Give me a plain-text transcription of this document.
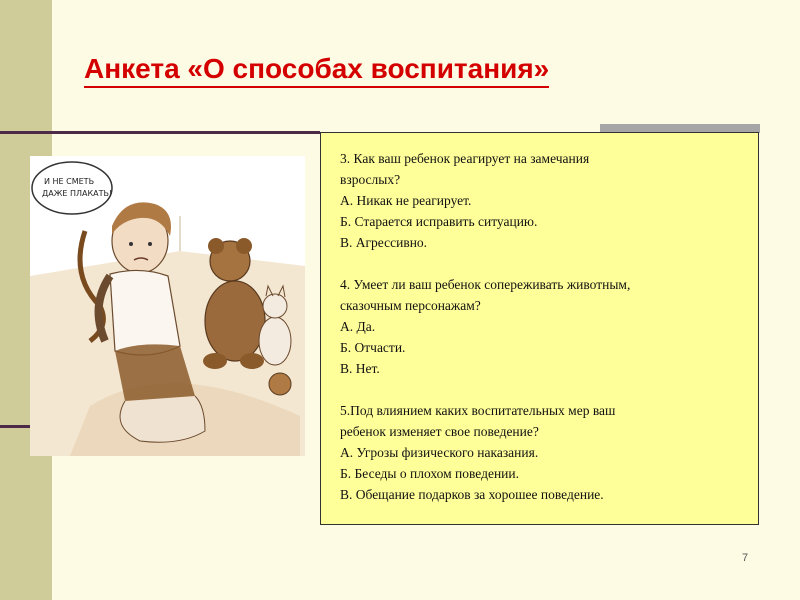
Анкета «О способах воспитания»
И НЕ СМЕТЬ
ДАЖЕ ПЛАКАТЬ!
3. Как ваш ребенок реагирует на замечания
взрослых?
А. Никак не реагирует.
Б. Старается исправить ситуацию.
В. Агрессивно.
4. Умеет ли ваш ребенок сопереживать животным,
сказочным персонажам?
А. Да.
Б. Отчасти.
В. Нет.
5.Под влиянием каких воспитательных мер ваш
ребенок изменяет свое поведение?
А. Угрозы физического наказания.
Б. Беседы о плохом поведении.
В. Обещание подарков за хорошее поведение.
7
